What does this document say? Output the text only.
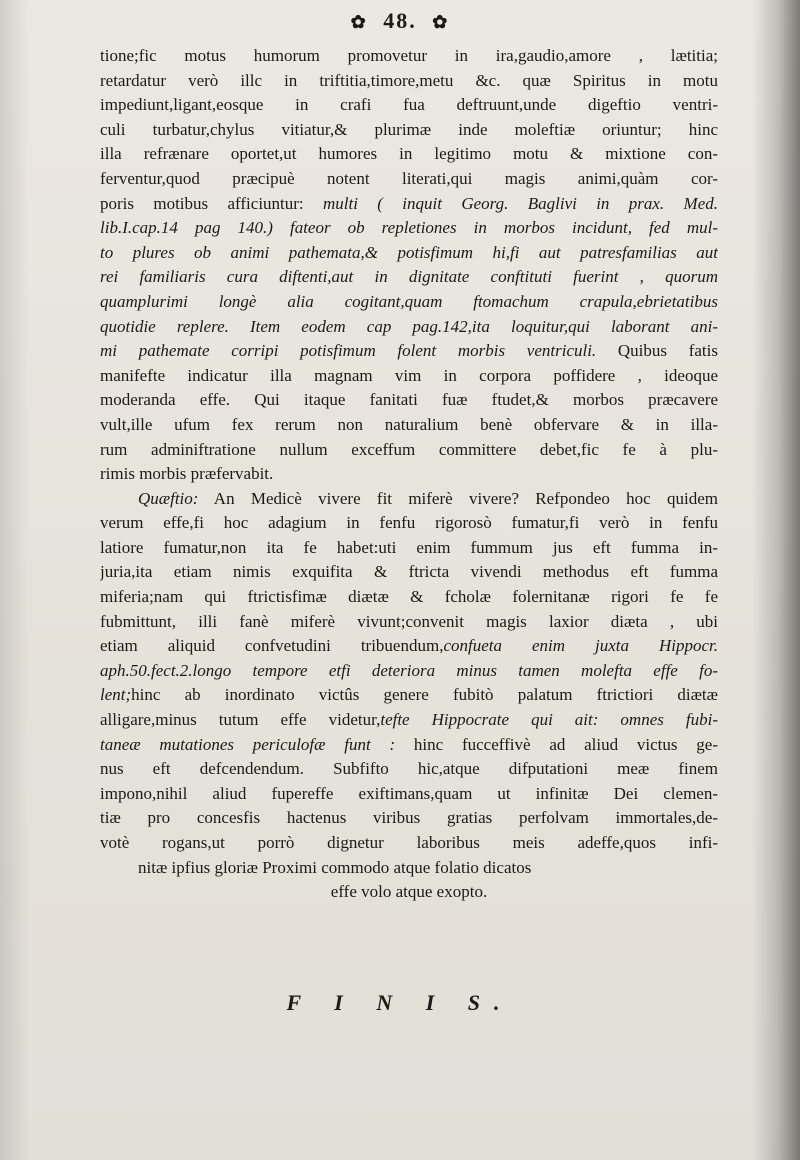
✿ 48. ✿
tione;fic motus humorum promovetur in ira,gaudio,amore , lætitia;
retardatur verò illc in triftitia,timore,metu &c. quæ Spiritus in motu
impediunt,ligant,eosque in crafi fua deftruunt,unde digeftio ventri-
culi turbatur,chylus vitiatur,& plurimæ inde moleftiæ oriuntur; hinc
illa refrænare oportet,ut humores in legitimo motu & mixtione con-
ferventur,quod præcipuè notent literati,qui magis animi,quàm cor-
poris motibus afficiuntur: multi ( inquit Georg. Baglivi in prax. Med.
lib.I.cap.14 pag 140.) fateor ob repletiones in morbos incidunt, fed mul-
to plures ob animi pathemata,& potisfimum hi,fi aut patresfamilias aut
rei familiaris cura diftenti,aut in dignitate conftituti fuerint , quorum
quamplurimi longè alia cogitant,quam ftomachum crapula,ebrietatibus
quotidie replere. Item eodem cap pag.142,ita loquitur,qui laborant ani-
mi pathemate corripi potisfimum folent morbis ventriculi. Quibus fatis
manifefte indicatur illa magnam vim in corpora poffidere , ideoque
moderanda effe. Qui itaque fanitati fuæ ftudet,& morbos præcavere
vult,ille ufum fex rerum non naturalium benè obfervare & in illa-
rum adminiftratione nullum exceffum committere debet,fic fe à plu-
rimis morbis præfervabit.
Quæftio: An Medicè vivere fit miferè vivere? Refpondeo hoc quidem
verum effe,fi hoc adagium in fenfu rigorosò fumatur,fi verò in fenfu
latiore fumatur,non ita fe habet:uti enim fummum jus eft fumma in-
juria,ita etiam nimis exquifita & ftricta vivendi methodus eft fumma
miferia;nam qui ftrictisfimæ diætæ & fcholæ folernitanæ rigori fe fe
fubmittunt, illi fanè miferè vivunt;convenit magis laxior diæta , ubi
etiam aliquid confvetudini tribuendum,confueta enim juxta Hippocr.
aph.50.fect.2.longo tempore etfi deteriora minus tamen molefta effe fo-
lent;hinc ab inordinato victûs genere fubitò palatum ftrictiori diætæ
alligare,minus tutum effe videtur,tefte Hippocrate qui ait: omnes fubi-
taneæ mutationes periculofæ funt : hinc fucceffivè ad aliud victus ge-
nus eft defcendendum. Subfifto hic,atque difputationi meæ finem
impono,nihil aliud fupereffe exiftimans,quam ut infinitæ Dei clemen-
tiæ pro concesfis hactenus viribus gratias perfolvam immortales,de-
votè rogans,ut porrò dignetur laboribus meis adeffe,quos infi-
nitæ ipfius gloriæ Proximi commodo atque folatio dicatos
effe volo atque exopto.
F I N I S.
